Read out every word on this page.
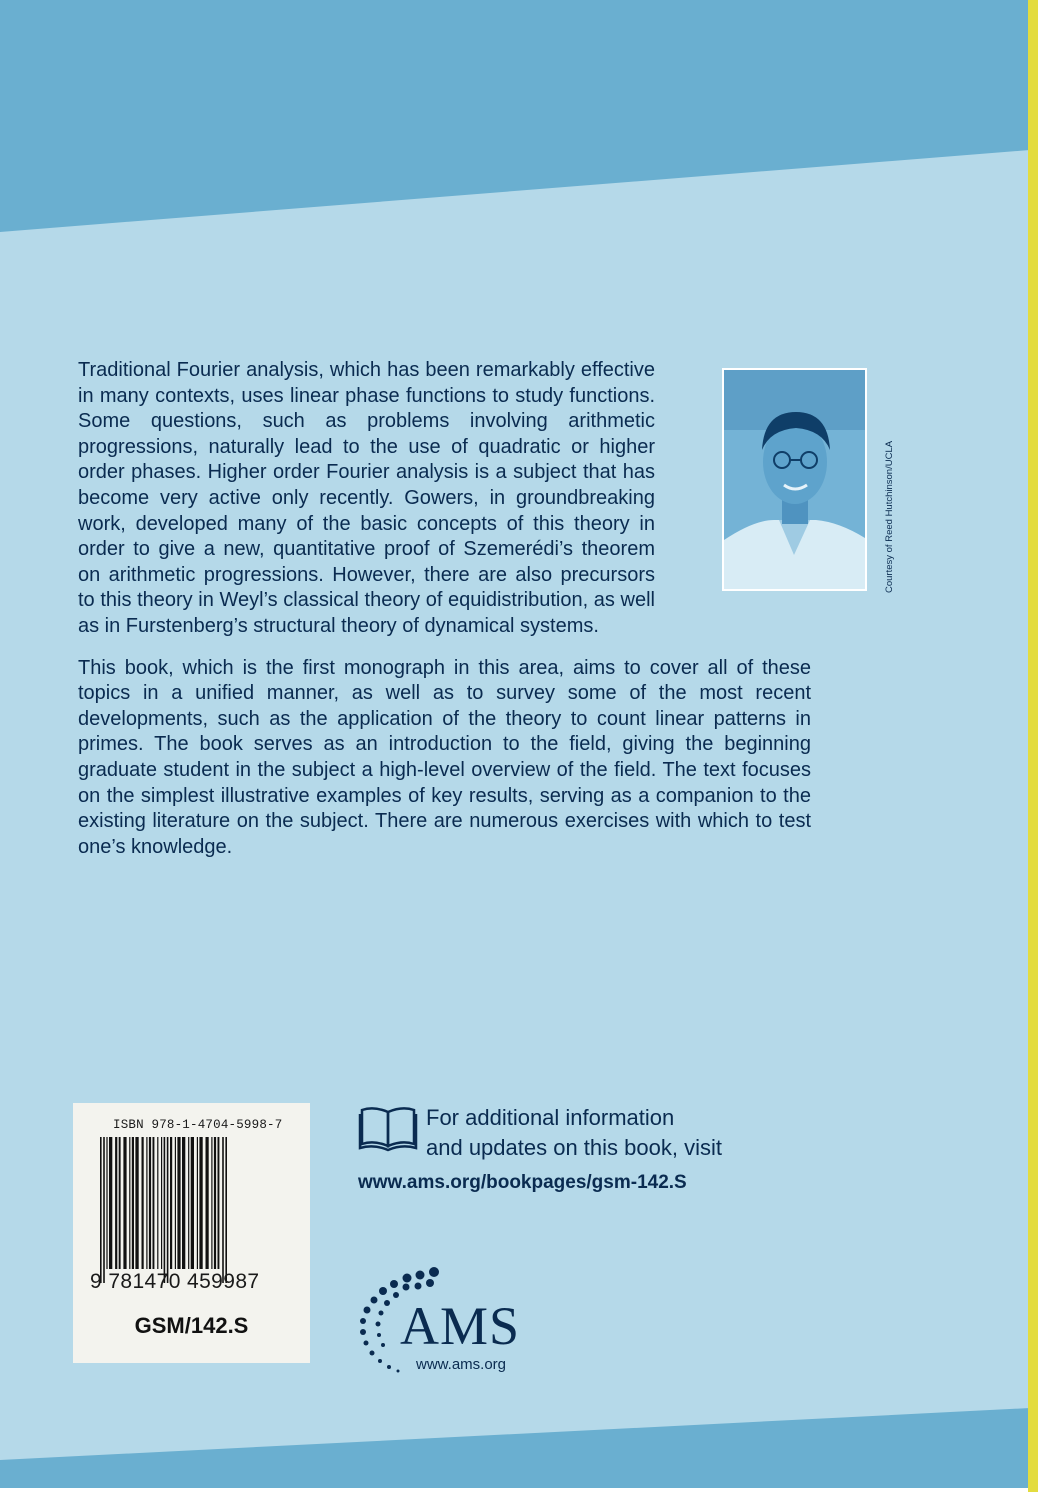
Traditional Fourier analysis, which has been remarkably effective in many contexts, uses linear phase functions to study functions. Some questions, such as problems involving arithmetic progressions, naturally lead to the use of quadratic or higher order phases. Higher order Fourier analysis is a subject that has become very active only recently. Gowers, in groundbreaking work, developed many of the basic concepts of this theory in order to give a new, quantitative proof of Szemerédi’s theorem on arithmetic progressions. However, there are also precursors to this theory in Weyl’s classical theory of equidistribution, as well as in Furstenberg’s structural theory of dynamical systems.

This book, which is the first monograph in this area, aims to cover all of these topics in a unified manner, as well as to survey some of the most recent developments, such as the application of the theory to count linear patterns in primes. The book serves as an introduction to the field, giving the beginning graduate student in the subject a high-level overview of the field. The text focuses on the simplest illustrative examples of key results, serving as a companion to the existing literature on the subject. There are numerous exercises with which to test one’s knowledge.

Courtesy of Reed Hutchinson/UCLA
ISBN 978-1-4704-5998-7
9 781470 459987
GSM/142.S
For additional information
and updates on this book, visit
www.ams.org/bookpages/gsm-142.S
AMS
www.ams.org
